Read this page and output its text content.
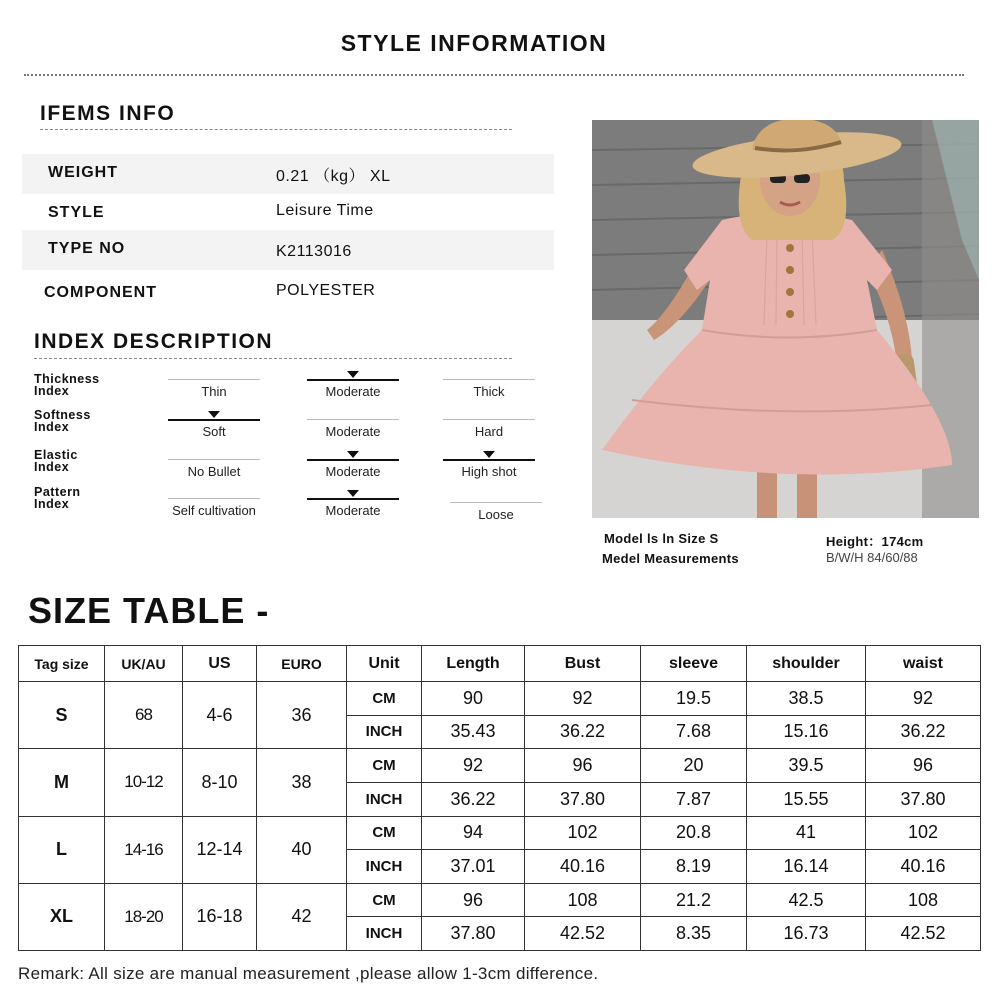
STYLE INFORMATION
IFEMS INFO
WEIGHT	0.21 （kg） XL
STYLE	Leisure Time
TYPE NO	K2113016
COMPONENT	POLYESTER
INDEX DESCRIPTION
Thickness
Index	Thin	Moderate	Thick
Softness
Index	Soft	Moderate	Hard
Elastic
Index	No Bullet	Moderate	High shot
Pattern
Index	Self cultivation	Moderate	Loose
Model ls ln Size S	Height：174cm
Medel Measurements	B/W/H 84/60/88
SIZE TABLE -
Tag size	UK/AU	US	EURO	Unit	Length	Bust	sleeve	shoulder	waist
S	68	4-6	36	CM	90	92	19.5	38.5	92
				INCH	35.43	36.22	7.68	15.16	36.22
M	10-12	8-10	38	CM	92	96	20	39.5	96
				INCH	36.22	37.80	7.87	15.55	37.80
L	14-16	12-14	40	CM	94	102	20.8	41	102
				INCH	37.01	40.16	8.19	16.14	40.16
XL	18-20	16-18	42	CM	96	108	21.2	42.5	108
				INCH	37.80	42.52	8.35	16.73	42.52
Remark: All size are manual measurement ,please allow 1-3cm difference.
